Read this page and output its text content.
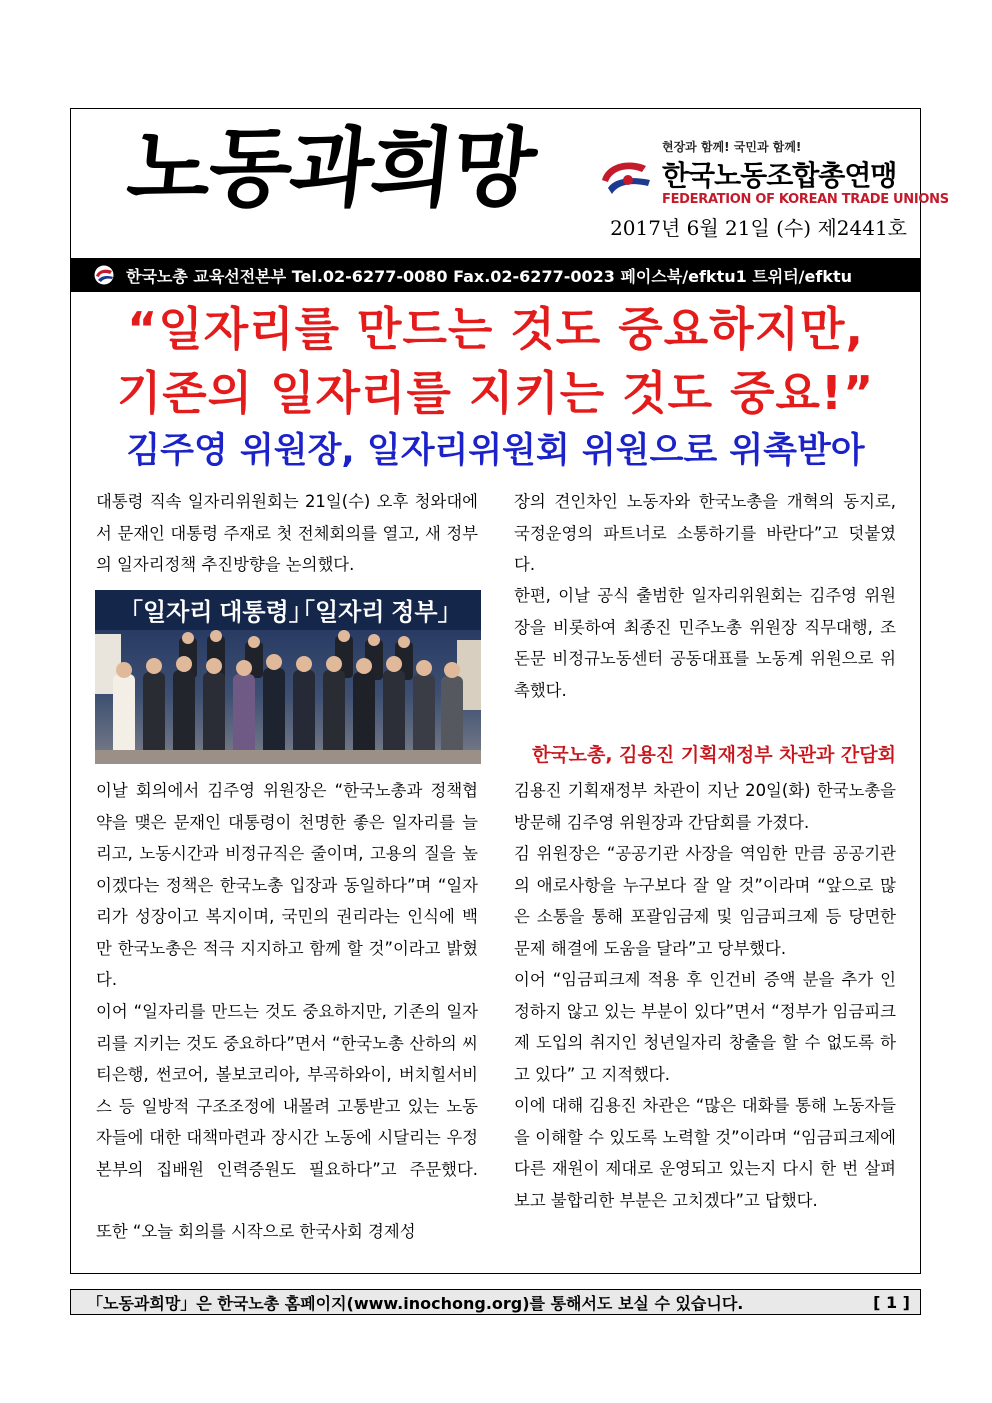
노동과희망	현장과 함께! 국민과 함께!
한국노동조합총연맹
FEDERATION OF KOREAN TRADE UNIONS
2017년 6월 21일 (수) 제2441호
한국노총 교육선전본부 Tel.02-6277-0080 Fax.02-6277-0023 페이스북/efktu1 트위터/efktu
“일자리를 만드는 것도 중요하지만,
기존의 일자리를 지키는 것도 중요!”
김주영 위원장, 일자리위원회 위원으로 위촉받아

대통령 직속 일자리위원회는 21일(수) 오후 청와대에서 문재인 대통령 주재로 첫 전체회의를 열고, 새 정부의 일자리정책 추진방향을 논의했다.

「일자리 대통령」
「일자리 정부」

이날 회의에서 김주영 위원장은 “한국노총과 정책협약을 맺은 문재인 대통령이 천명한 좋은 일자리를 늘리고, 노동시간과 비정규직은 줄이며, 고용의 질을 높이겠다는 정책은 한국노총 입장과 동일하다”며 “일자리가 성장이고 복지이며, 국민의 권리라는 인식에 백만 한국노총은 적극 지지하고 함께 할 것”이라고 밝혔다.

이어 “일자리를 만드는 것도 중요하지만, 기존의 일자리를 지키는 것도 중요하다”면서 “한국노총 산하의 씨티은행, 썬코어, 볼보코리아, 부곡하와이, 버치힐서비스 등 일방적 구조조정에 내몰려 고통받고 있는 노동자들에 대한 대책마련과 장시간 노동에 시달리는 우정본부의 집배원 인력증원도 필요하다”고 주문했다.

또한 “오늘 회의를 시작으로 한국사회 경제성

장의 견인차인 노동자와 한국노총을 개혁의 동지로, 국정운영의 파트너로 소통하기를 바란다”고 덧붙였다.

한편, 이날 공식 출범한 일자리위원회는 김주영 위원장을 비롯하여 최종진 민주노총 위원장 직무대행, 조돈문 비정규노동센터 공동대표를 노동계 위원으로 위촉했다.

한국노총, 김용진 기획재정부 차관과 간담회

김용진 기획재정부 차관이 지난 20일(화) 한국노총을 방문해 김주영 위원장과 간담회를 가졌다.

김 위원장은 “공공기관 사장을 역임한 만큼 공공기관의 애로사항을 누구보다 잘 알 것”이라며 “앞으로 많은 소통을 통해 포괄임금제 및 임금피크제 등 당면한 문제 해결에 도움을 달라”고 당부했다.

이어 “임금피크제 적용 후 인건비 증액 분을 추가 인정하지 않고 있는 부분이 있다”면서 “정부가 임금피크제 도입의 취지인 청년일자리 창출을 할 수 없도록 하고 있다” 고 지적했다.

이에 대해 김용진 차관은 “많은 대화를 통해 노동자들을 이해할 수 있도록 노력할 것”이라며 “임금피크제에 다른 재원이 제대로 운영되고 있는지 다시 한 번 살펴보고 불합리한 부분은 고치겠다”고 답했다.

「노동과희망」은 한국노총 홈페이지(www.inochong.org)를 통해서도 보실 수 있습니다.	[ 1 ]
